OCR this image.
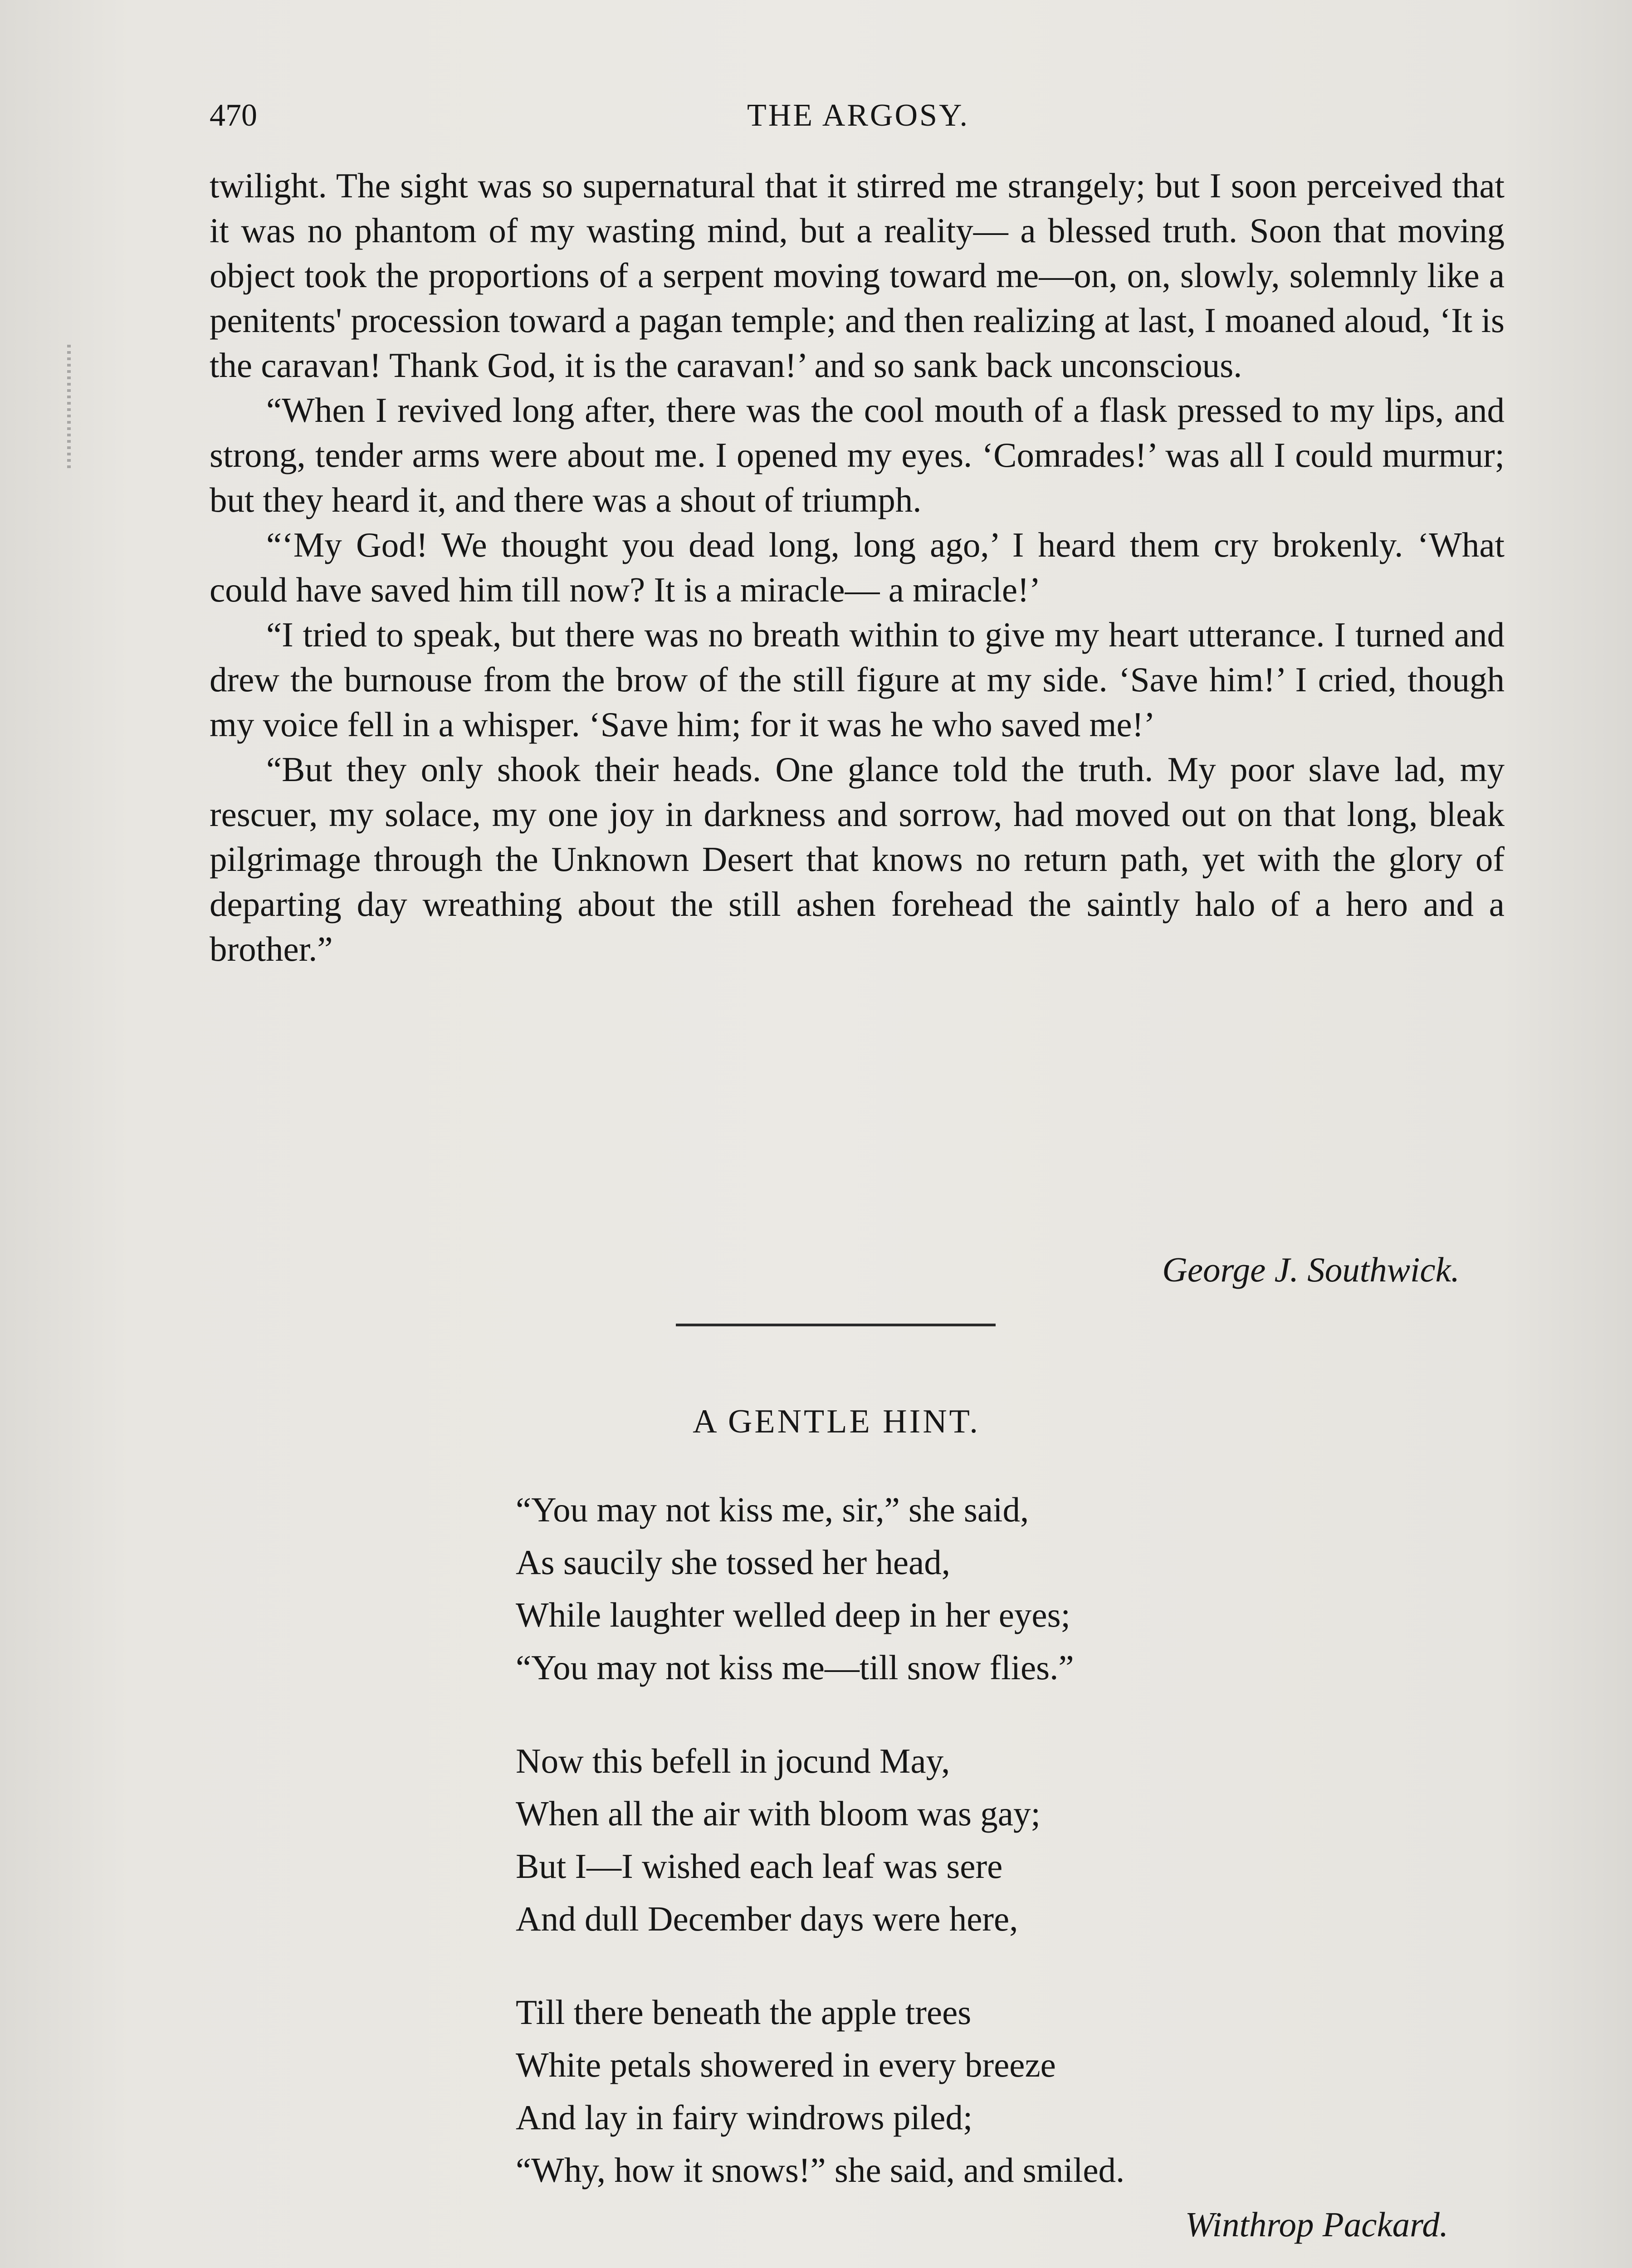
470	THE ARGOSY.

twilight. The sight was so supernatural that it stirred me strangely; but I soon perceived that it was no phantom of my wasting mind, but a reality— a blessed truth. Soon that moving object took the proportions of a serpent moving toward me—on, on, slowly, solemnly like a penitents' procession toward a pagan temple; and then realizing at last, I moaned aloud, ‘It is the caravan! Thank God, it is the caravan!’ and so sank back unconscious.

“When I revived long after, there was the cool mouth of a flask pressed to my lips, and strong, tender arms were about me. I opened my eyes. ‘Comrades!’ was all I could murmur; but they heard it, and there was a shout of triumph.

“‘My God! We thought you dead long, long ago,’ I heard them cry brokenly. ‘What could have saved him till now? It is a miracle— a miracle!’

“I tried to speak, but there was no breath within to give my heart utterance. I turned and drew the burnouse from the brow of the still figure at my side. ‘Save him!’ I cried, though my voice fell in a whisper. ‘Save him; for it was he who saved me!’

“But they only shook their heads. One glance told the truth. My poor slave lad, my rescuer, my solace, my one joy in darkness and sorrow, had moved out on that long, bleak pilgrimage through the Unknown Desert that knows no return path, yet with the glory of departing day wreathing about the still ashen forehead the saintly halo of a hero and a brother.”

George J. Southwick.
A GENTLE HINT.
“You may not kiss me, sir,” she said,
As saucily she tossed her head,
While laughter welled deep in her eyes;
“You may not kiss me—till snow flies.”
Now this befell in jocund May,
When all the air with bloom was gay;
But I—I wished each leaf was sere
And dull December days were here,
Till there beneath the apple trees
White petals showered in every breeze
And lay in fairy windrows piled;
“Why, how it snows!” she said, and smiled.
Winthrop Packard.
